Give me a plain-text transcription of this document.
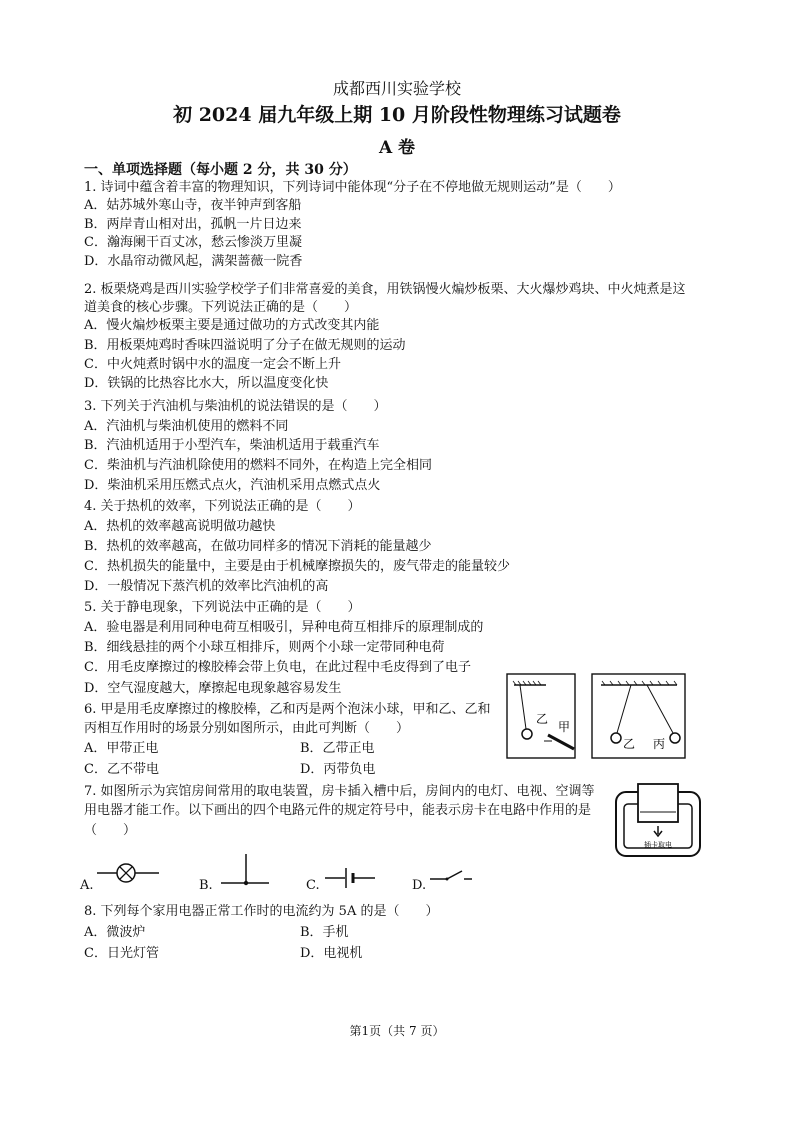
成都西川实验学校
初 2024 届九年级上期 10 月阶段性物理练习试题卷
A 卷
一、单项选择题（每小题 2 分，共 30 分）
1. 诗词中蕴含着丰富的物理知识，下列诗词中能体现“分子在不停地做无规则运动”是（　　）
A．姑苏城外寒山寺，夜半钟声到客船
B．两岸青山相对出，孤帆一片日边来
C．瀚海阑干百丈冰，愁云惨淡万里凝
D．水晶帘动微风起，满架蔷薇一院香
2. 板栗烧鸡是西川实验学校学子们非常喜爱的美食，用铁锅慢火煸炒板栗、大火爆炒鸡块、中火炖煮是这
道美食的核心步骤。下列说法正确的是（　　）
A．慢火煸炒板栗主要是通过做功的方式改变其内能
B．用板栗炖鸡时香味四溢说明了分子在做无规则的运动
C．中火炖煮时锅中水的温度一定会不断上升
D．铁锅的比热容比水大，所以温度变化快
3. 下列关于汽油机与柴油机的说法错误的是（　　）
A．汽油机与柴油机使用的燃料不同
B．汽油机适用于小型汽车，柴油机适用于载重汽车
C．柴油机与汽油机除使用的燃料不同外，在构造上完全相同
D．柴油机采用压燃式点火，汽油机采用点燃式点火
4. 关于热机的效率，下列说法正确的是（　　）
A．热机的效率越高说明做功越快
B．热机的效率越高，在做功同样多的情况下消耗的能量越少
C．热机损失的能量中，主要是由于机械摩擦损失的，废气带走的能量较少
D．一般情况下蒸汽机的效率比汽油机的高
5. 关于静电现象，下列说法中正确的是（　　）
A．验电器是利用同种电荷互相吸引，异种电荷互相排斥的原理制成的
B．细线悬挂的两个小球互相排斥，则两个小球一定带同种电荷
C．用毛皮摩擦过的橡胶棒会带上负电，在此过程中毛皮得到了电子
D．空气湿度越大，摩擦起电现象越容易发生
6. 甲是用毛皮摩擦过的橡胶棒，乙和丙是两个泡沫小球，甲和乙、乙和
丙相互作用时的场景分别如图所示，由此可判断（　　）
A．甲带正电	B．乙带正电
C．乙不带电	D．丙带负电
乙
甲
乙 丙
7. 如图所示为宾馆房间常用的取电装置，房卡插入槽中后，房间内的电灯、电视、空调等
用电器才能工作。以下画出的四个电路元件的规定符号中，能表示房卡在电路中作用的是
（　　）
插卡取电
A.	B.	C.	D.
8. 下列每个家用电器正常工作时的电流约为 5A 的是（　　）
A．微波炉	B．手机
C．日光灯管	D．电视机
第1页（共 7 页）
